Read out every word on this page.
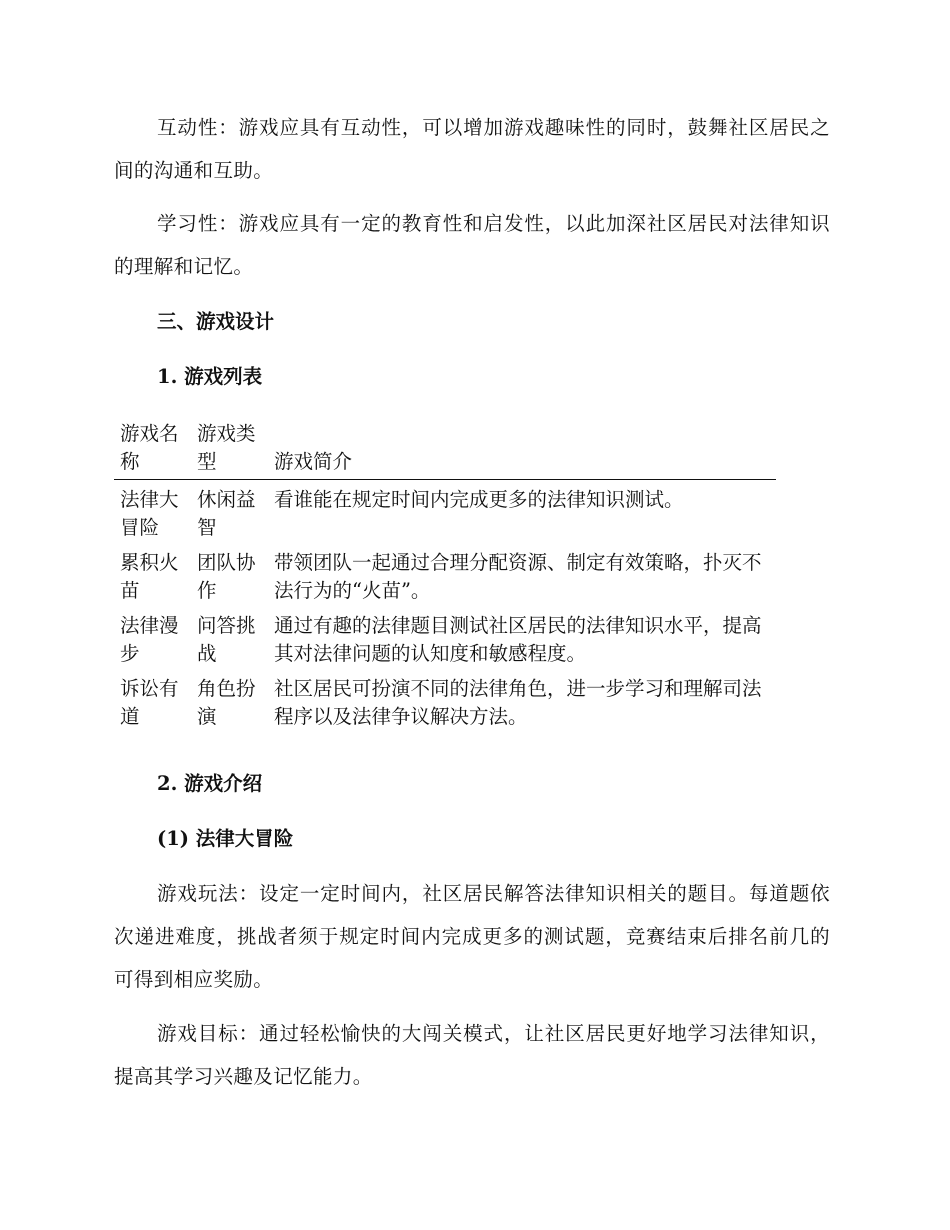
互动性：游戏应具有互动性，可以增加游戏趣味性的同时，鼓舞社区居民之间的沟通和互助。

学习性：游戏应具有一定的教育性和启发性，以此加深社区居民对法律知识的理解和记忆。

三、游戏设计

1. 游戏列表

游戏名称	游戏类型	游戏简介
法律大冒险	休闲益智	看谁能在规定时间内完成更多的法律知识测试。
累积火苗	团队协作	带领团队一起通过合理分配资源、制定有效策略，扑灭不法行为的“火苗”。
法律漫步	问答挑战	通过有趣的法律题目测试社区居民的法律知识水平，提高其对法律问题的认知度和敏感程度。
诉讼有道	角色扮演	社区居民可扮演不同的法律角色，进一步学习和理解司法程序以及法律争议解决方法。

2. 游戏介绍

(1) 法律大冒险

游戏玩法：设定一定时间内，社区居民解答法律知识相关的题目。每道题依次递进难度，挑战者须于规定时间内完成更多的测试题，竞赛结束后排名前几的可得到相应奖励。

游戏目标：通过轻松愉快的大闯关模式，让社区居民更好地学习法律知识，提高其学习兴趣及记忆能力。
